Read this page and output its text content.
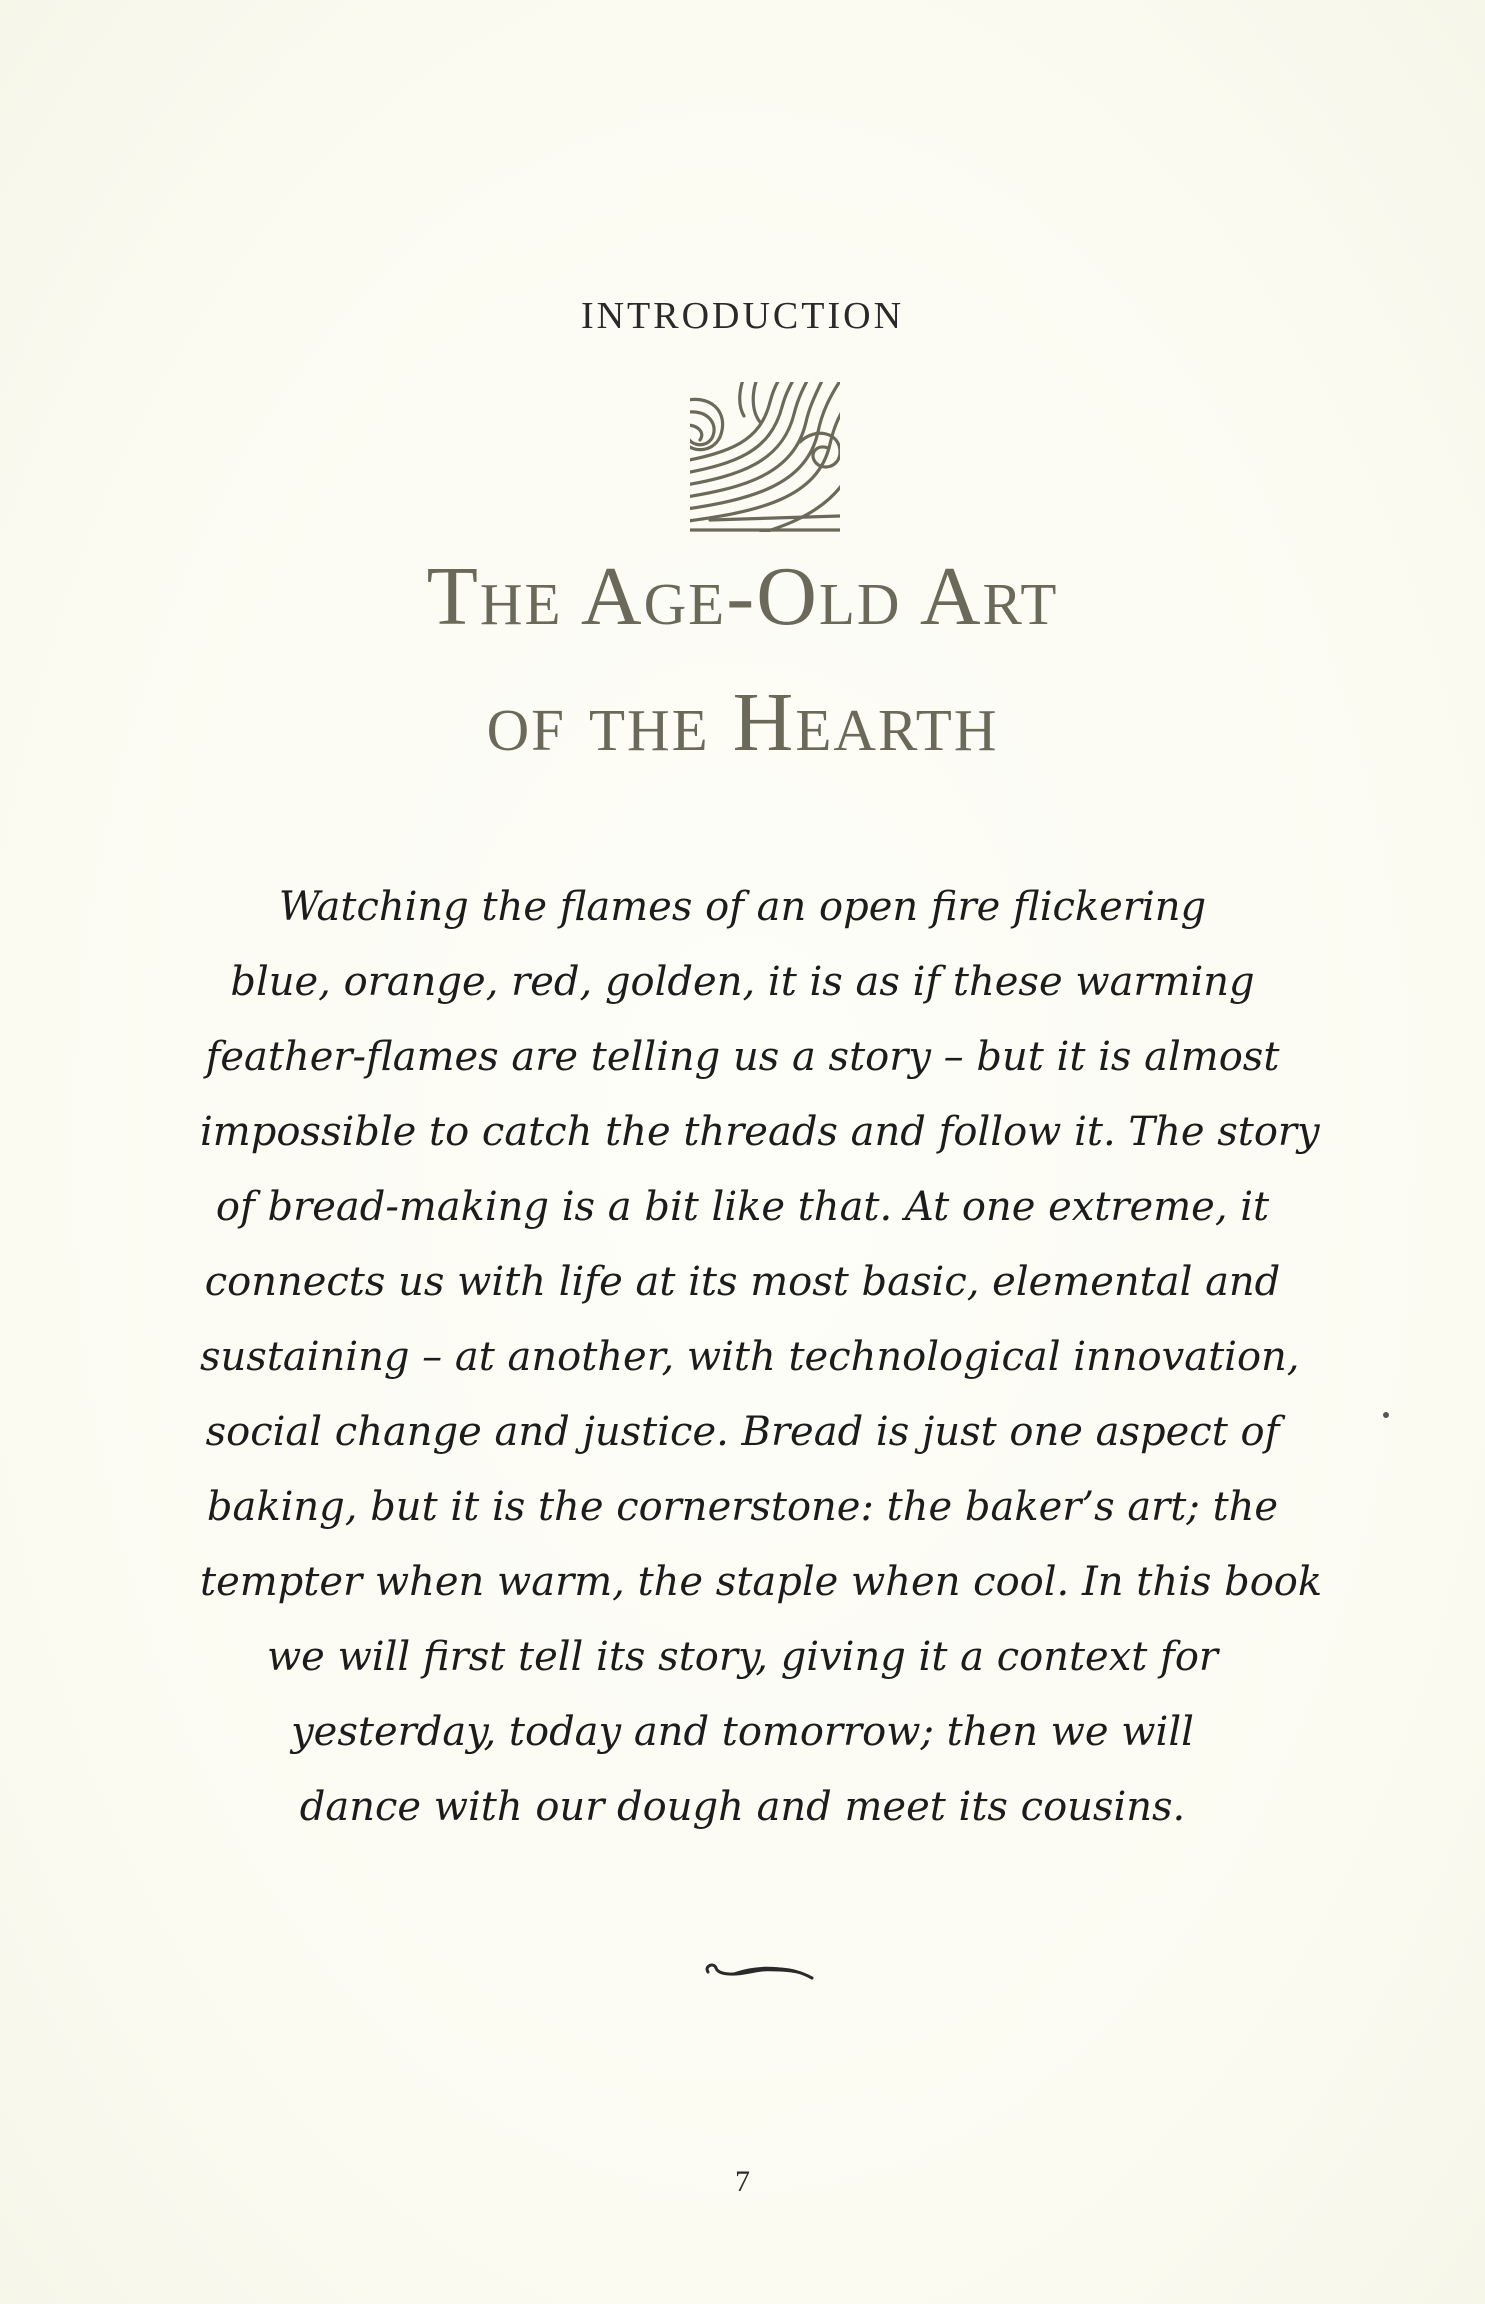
INTRODUCTION
The Age-Old Art
of the Hearth
Watching the flames of an open fire flickering
blue, orange, red, golden, it is as if these warming
feather-flames are telling us a story – but it is almost
impossible to catch the threads and follow it. The story
of bread-making is a bit like that. At one extreme, it
connects us with life at its most basic, elemental and
sustaining – at another, with technological innovation,
social change and justice. Bread is just one aspect of
baking, but it is the cornerstone: the baker’s art; the
tempter when warm, the staple when cool. In this book
we will first tell its story, giving it a context for
yesterday, today and tomorrow; then we will
dance with our dough and meet its cousins.
7
